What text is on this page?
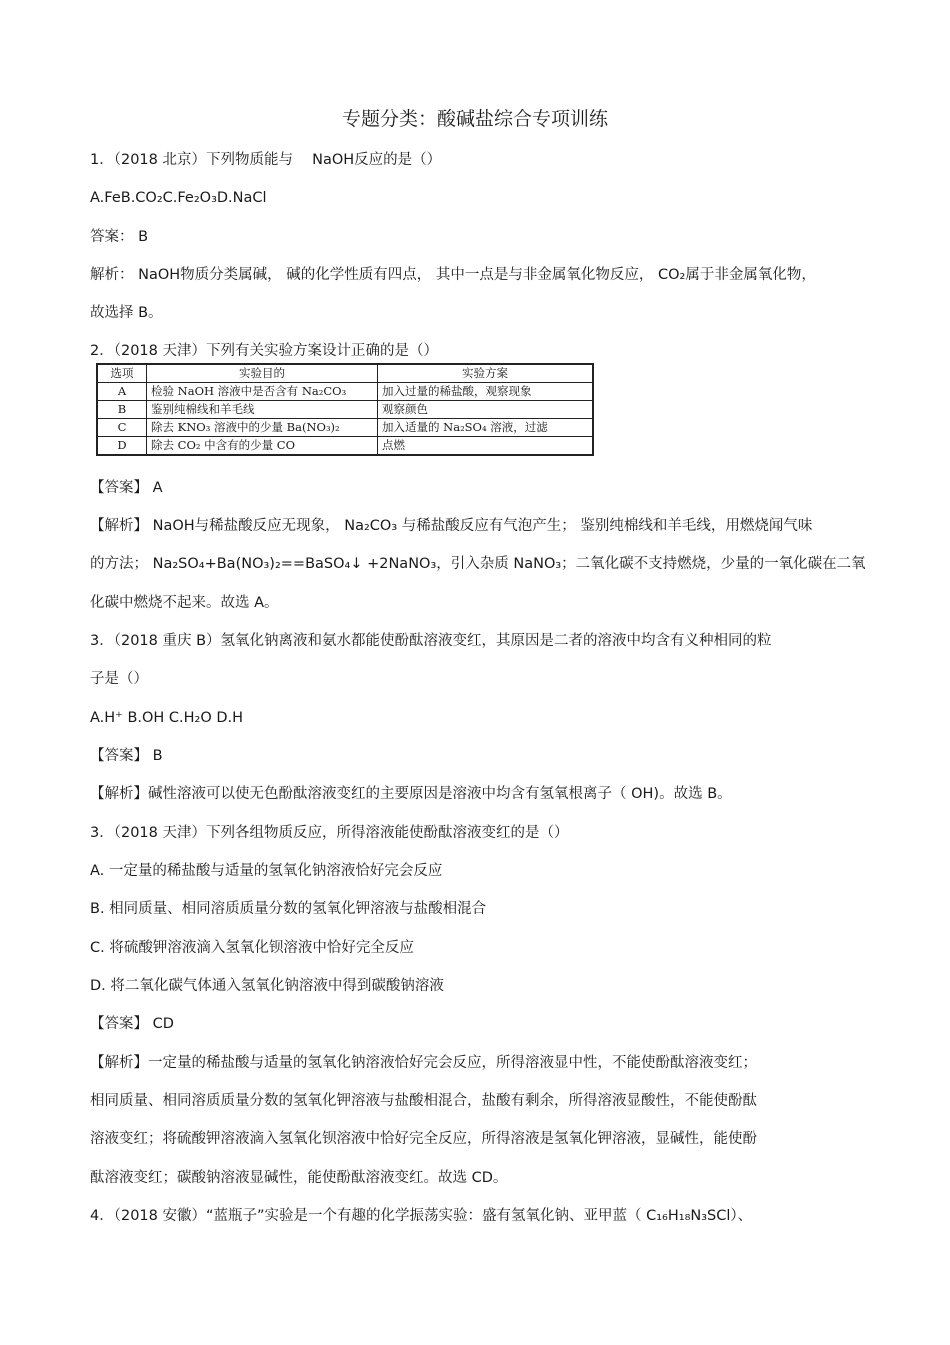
专题分类：酸碱盐综合专项训练
1．（2018 北京）下列物质能与　 NaOH反应的是（）
A.FeB.CO₂C.Fe₂O₃D.NaCl
答案： B
解析： NaOH物质分类属碱， 碱的化学性质有四点， 其中一点是与非金属氧化物反应， CO₂属于非金属氧化物，
故选择 B。
2．（2018 天津）下列有关实验方案设计正确的是（）
选项	实验目的	实验方案
A	检验 NaOH 溶液中是否含有 Na₂CO₃	加入过量的稀盐酸，观察现象
B	鉴别纯棉线和羊毛线	观察颜色
C	除去 KNO₃ 溶液中的少量 Ba(NO₃)₂	加入适量的 Na₂SO₄ 溶液，过滤
D	除去 CO₂ 中含有的少量 CO	点燃
【答案】 A
【解析】 NaOH与稀盐酸反应无现象， Na₂CO₃ 与稀盐酸反应有气泡产生； 鉴别纯棉线和羊毛线，用燃烧闻气味
的方法； Na₂SO₄+Ba(NO₃)₂==BaSO₄↓ +2NaNO₃，引入杂质 NaNO₃；二氧化碳不支持燃烧，少量的一氧化碳在二氧
化碳中燃烧不起来。故选 A。
3．（2018 重庆 B）氢氧化钠离液和氨水都能使酚酞溶液变红，其原因是二者的溶液中均含有义种相同的粒
子是（）
A.H⁺ B.OH C.H₂O D.H
【答案】 B
【解析】碱性溶液可以使无色酚酞溶液变红的主要原因是溶液中均含有氢氧根离子（ OH)。故选 B。
3．（2018 天津）下列各组物质反应，所得溶液能使酚酞溶液变红的是（）
A. 一定量的稀盐酸与适量的氢氧化钠溶液恰好完会反应
B. 相同质量、相同溶质质量分数的氢氧化钾溶液与盐酸相混合
C. 将硫酸钾溶液滴入氢氧化钡溶液中恰好完全反应
D. 将二氧化碳气体通入氢氧化钠溶液中得到碳酸钠溶液
【答案】 CD
【解析】一定量的稀盐酸与适量的氢氧化钠溶液恰好完会反应，所得溶液显中性，不能使酚酞溶液变红；
相同质量、相同溶质质量分数的氢氧化钾溶液与盐酸相混合，盐酸有剩余，所得溶液显酸性，不能使酚酞
溶液变红；将硫酸钾溶液滴入氢氧化钡溶液中恰好完全反应，所得溶液是氢氧化钾溶液，显碱性，能使酚
酞溶液变红；碳酸钠溶液显碱性，能使酚酞溶液变红。故选 CD。
4．（2018 安徽）“蓝瓶子”实验是一个有趣的化学振荡实验：盛有氢氧化钠、亚甲蓝（ C₁₆H₁₈N₃SCl）、
